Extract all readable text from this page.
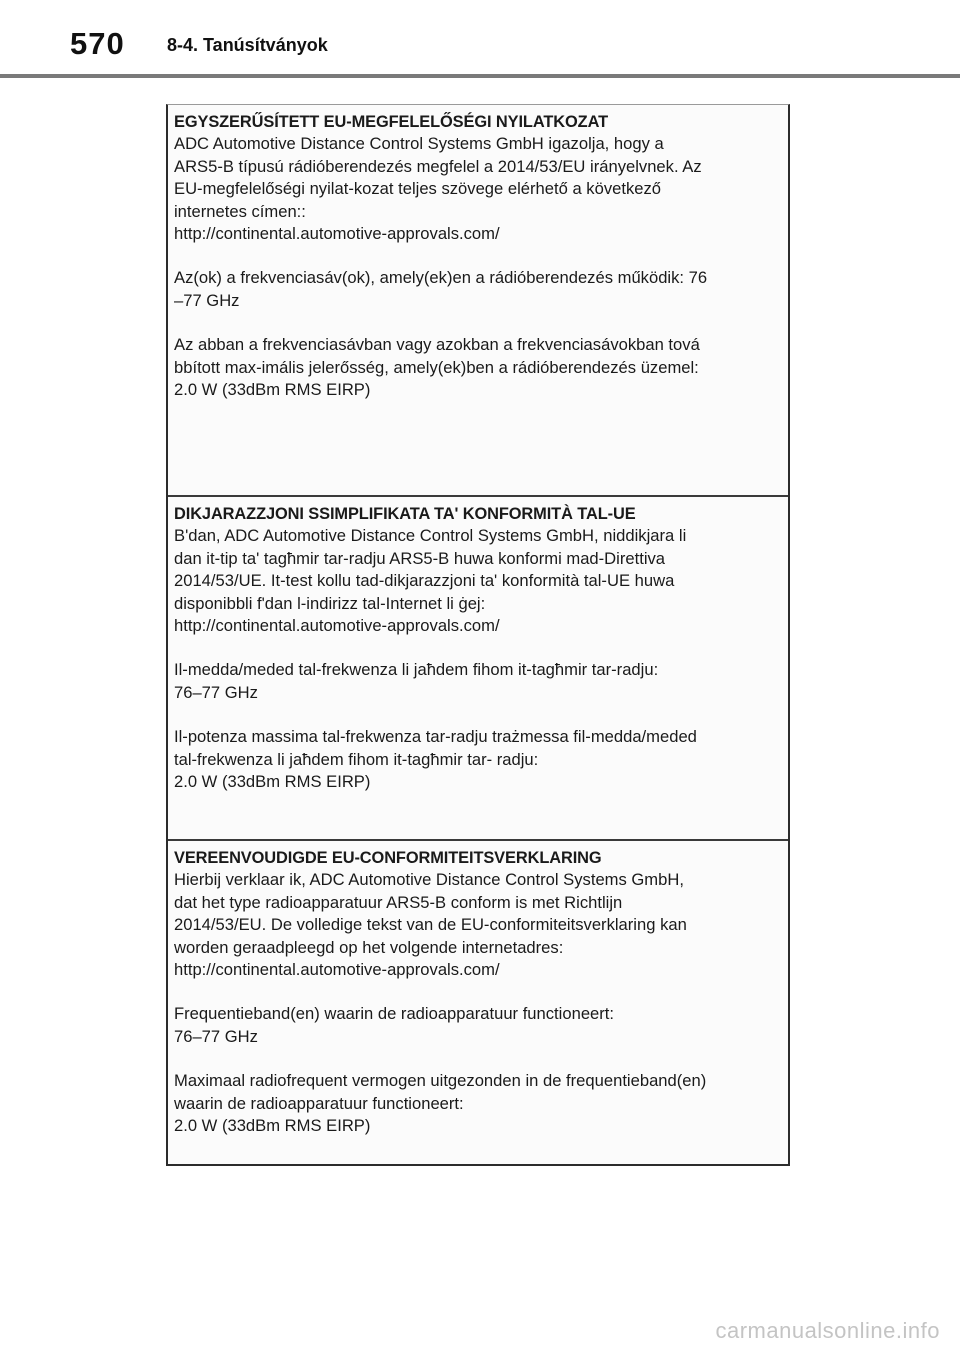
570 8-4. Tanúsítványok
EGYSZERŰSÍTETT EU-MEGFELELŐSÉGI NYILATKOZAT
ADC Automotive Distance Control Systems GmbH igazolja, hogy a
ARS5-B típusú rádióberendezés megfelel a 2014/53/EU irányelvnek. Az
EU-megfelelőségi nyilat-kozat teljes szövege elérhető a következő
internetes címen::
http://continental.automotive-approvals.com/
Az(ok) a frekvenciasáv(ok), amely(ek)en a rádióberendezés működik: 76
–77 GHz
Az abban a frekvenciasávban vagy azokban a frekvenciasávokban tová
bbított max-imális jelerősség, amely(ek)ben a rádióberendezés üzemel:
2.0 W (33dBm RMS EIRP)
DIKJARAZZJONI SSIMPLIFIKATA TA' KONFORMITÀ TAL-UE
B'dan, ADC Automotive Distance Control Systems GmbH, niddikjara li
dan it-tip ta' tagħmir tar-radju ARS5-B huwa konformi mad-Direttiva
2014/53/UE. It-test kollu tad-dikjarazzjoni ta' konformità tal-UE huwa
disponibbli f'dan l-indirizz tal-Internet li ġej:
http://continental.automotive-approvals.com/
Il-medda/meded tal-frekwenza li jaħdem fihom it-tagħmir tar-radju:
76–77 GHz
Il-potenza massima tal-frekwenza tar-radju trażmessa fil-medda/meded
tal-frekwenza li jaħdem fihom it-tagħmir tar- radju:
2.0 W (33dBm RMS EIRP)
VEREENVOUDIGDE EU-CONFORMITEITSVERKLARING
Hierbij verklaar ik, ADC Automotive Distance Control Systems GmbH,
dat het type radioapparatuur ARS5-B conform is met Richtlijn
2014/53/EU. De volledige tekst van de EU-conformiteitsverklaring kan
worden geraadpleegd op het volgende internetadres:
http://continental.automotive-approvals.com/
Frequentieband(en) waarin de radioapparatuur functioneert:
76–77 GHz
Maximaal radiofrequent vermogen uitgezonden in de frequentieband(en)
waarin de radioapparatuur functioneert:
2.0 W (33dBm RMS EIRP)
carmanualsonline.info
